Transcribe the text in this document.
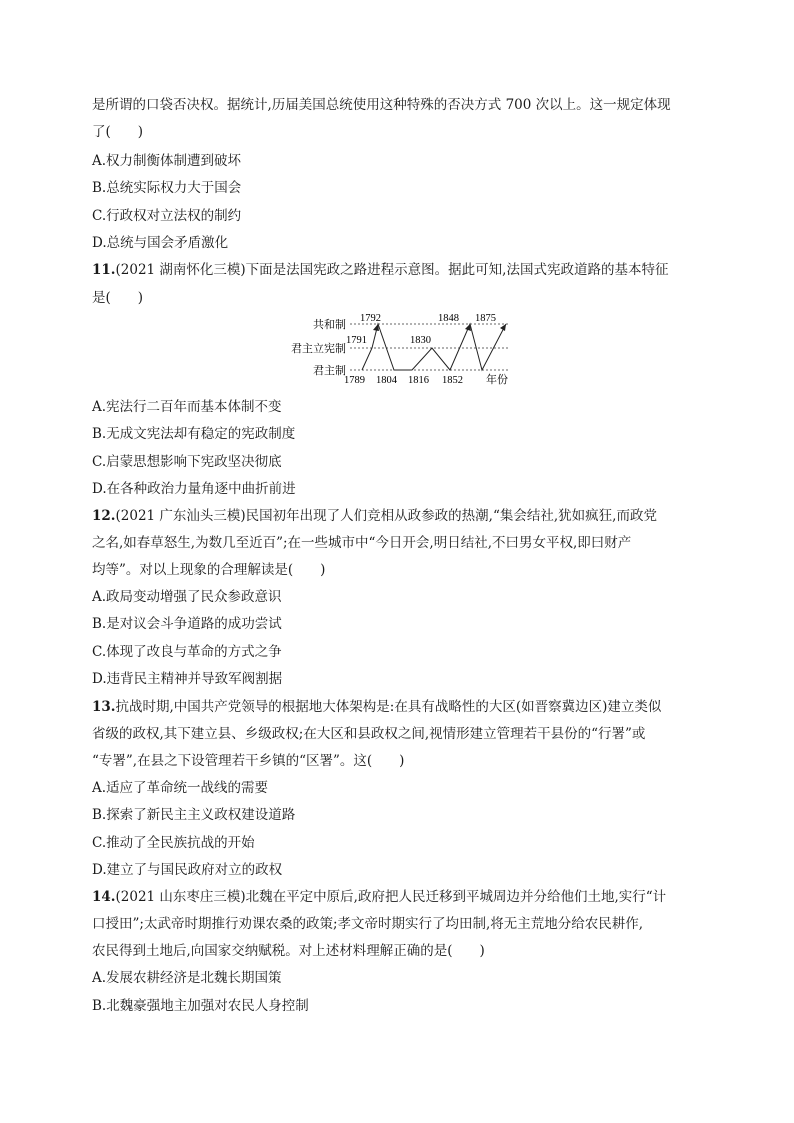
是所谓的口袋否决权。据统计,历届美国总统使用这种特殊的否决方式 700 次以上。这一规定体现
了(　　)
A.权力制衡体制遭到破坏
B.总统实际权力大于国会
C.行政权对立法权的制约
D.总统与国会矛盾激化
11.(2021 湖南怀化三模)下面是法国宪政之路进程示意图。据此可知,法国式宪政道路的基本特征
是(　　)
共和制
君主立宪制
君主制
1792	1848 1875
1791	1830
1789 1804 1816 1852 年份
A.宪法行二百年而基本体制不变
B.无成文宪法却有稳定的宪政制度
C.启蒙思想影响下宪政坚决彻底
D.在各种政治力量角逐中曲折前进
12.(2021 广东汕头三模)民国初年出现了人们竞相从政参政的热潮,“集会结社,犹如疯狂,而政党
之名,如春草怒生,为数几至近百”;在一些城市中“今日开会,明日结社,不曰男女平权,即曰财产
均等”。对以上现象的合理解读是(　　)
A.政局变动增强了民众参政意识
B.是对议会斗争道路的成功尝试
C.体现了改良与革命的方式之争
D.违背民主精神并导致军阀割据
13.抗战时期,中国共产党领导的根据地大体架构是:在具有战略性的大区(如晋察冀边区)建立类似
省级的政权,其下建立县、乡级政权;在大区和县政权之间,视情形建立管理若干县份的“行署”或
“专署”,在县之下设管理若干乡镇的“区署”。这(　　)
A.适应了革命统一战线的需要
B.探索了新民主主义政权建设道路
C.推动了全民族抗战的开始
D.建立了与国民政府对立的政权
14.(2021 山东枣庄三模)北魏在平定中原后,政府把人民迁移到平城周边并分给他们土地,实行“计
口授田”;太武帝时期推行劝课农桑的政策;孝文帝时期实行了均田制,将无主荒地分给农民耕作,
农民得到土地后,向国家交纳赋税。对上述材料理解正确的是(　　)
A.发展农耕经济是北魏长期国策
B.北魏豪强地主加强对农民人身控制
